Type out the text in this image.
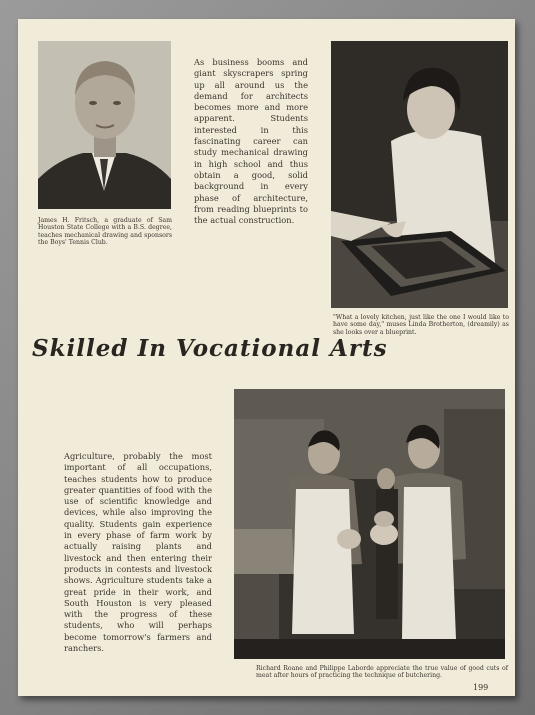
James H. Fritsch, a graduate of Sam Houston State College with a B.S. degree, teaches mechanical drawing and sponsors the Boys' Tennis Club.
As business booms and giant skyscrapers spring up all around us the demand for architects becomes more and more apparent. Students interested in this fascinating career can study mechanical drawing in high school and thus obtain a good, solid background in every phase of architecture, from reading blueprints to the actual construction.
"What a lovely kitchen, just like the one I would like to have some day," muses Linda Brotherton, (dreamily) as she looks over a blueprint.
Skilled In Vocational Arts
Agriculture, probably the most important of all occupations, teaches students how to produce greater quantities of food with the use of scientific knowledge and devices, while also improving the quality. Students gain experience in every phase of farm work by actually raising plants and livestock and then entering their products in contests and livestock shows. Agriculture students take a great pride in their work, and South Houston is very pleased with the progress of these students, who will perhaps become tomorrow's farmers and ranchers.
Richard Roane and Philippe Laborde appreciate the true value of good cuts of meat after hours of practicing the technique of butchering.
199
